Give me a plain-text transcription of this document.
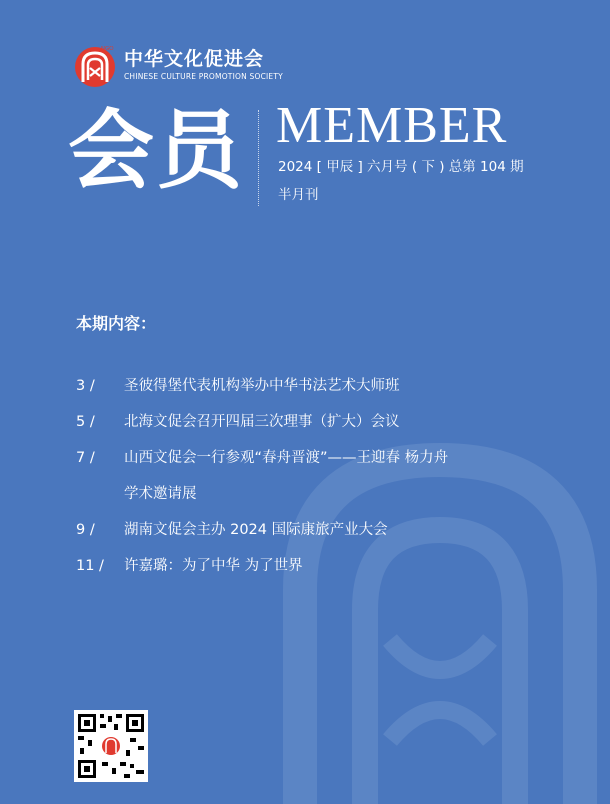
NGO 中华文化促进会
CHINESE CULTURE PROMOTION SOCIETY
会员 MEMBER
2024 [ 甲辰 ] 六月号 ( 下 ) 总第 104 期
半月刊
本期内容：
3 /	圣彼得堡代表机构举办中华书法艺术大师班
5 /	北海文促会召开四届三次理事（扩大）会议
7 /	山西文促会一行参观“春舟晋渡”——王迎春 杨力舟
学术邀请展
9 /	湖南文促会主办 2024 国际康旅产业大会
11 /	许嘉璐：为了中华 为了世界
